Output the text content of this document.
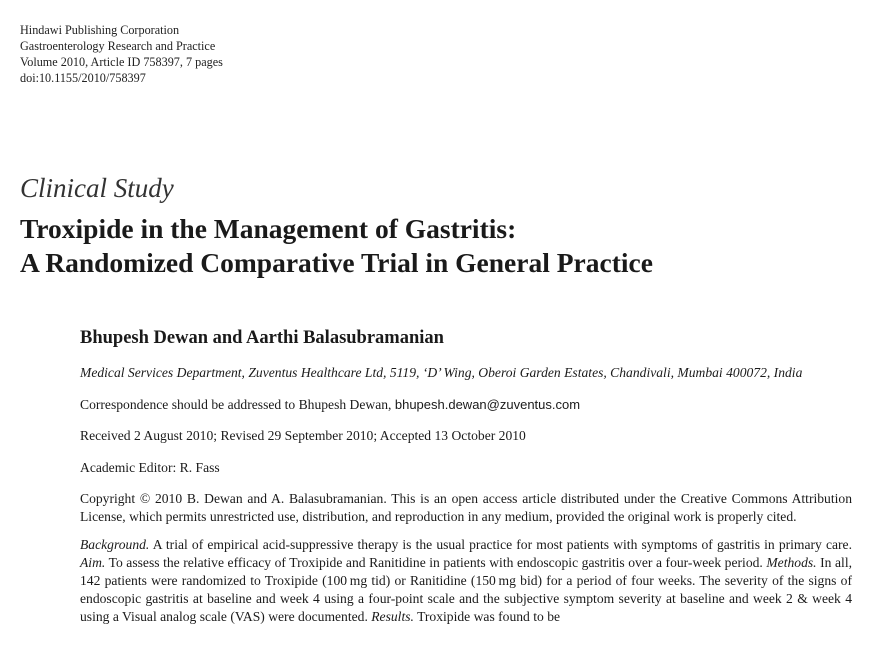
Hindawi Publishing Corporation
Gastroenterology Research and Practice
Volume 2010, Article ID 758397, 7 pages
doi:10.1155/2010/758397
Clinical Study
Troxipide in the Management of Gastritis:
A Randomized Comparative Trial in General Practice

Bhupesh Dewan and Aarthi Balasubramanian

Medical Services Department, Zuventus Healthcare Ltd, 5119, ‘D’ Wing, Oberoi Garden Estates, Chandivali, Mumbai 400072, India

Correspondence should be addressed to Bhupesh Dewan, bhupesh.dewan@zuventus.com

Received 2 August 2010; Revised 29 September 2010; Accepted 13 October 2010

Academic Editor: R. Fass

Copyright © 2010 B. Dewan and A. Balasubramanian. This is an open access article distributed under the Creative Commons Attribution License, which permits unrestricted use, distribution, and reproduction in any medium, provided the original work is properly cited.

Background. A trial of empirical acid-suppressive therapy is the usual practice for most patients with symptoms of gastritis in primary care. Aim. To assess the relative efficacy of Troxipide and Ranitidine in patients with endoscopic gastritis over a four-week period. Methods. In all, 142 patients were randomized to Troxipide (100 mg tid) or Ranitidine (150 mg bid) for a period of four weeks. The severity of the signs of endoscopic gastritis at baseline and week 4 using a four-point scale and the subjective symptom severity at baseline and week 2 & week 4 using a Visual analog scale (VAS) were documented. Results. Troxipide was found to be
